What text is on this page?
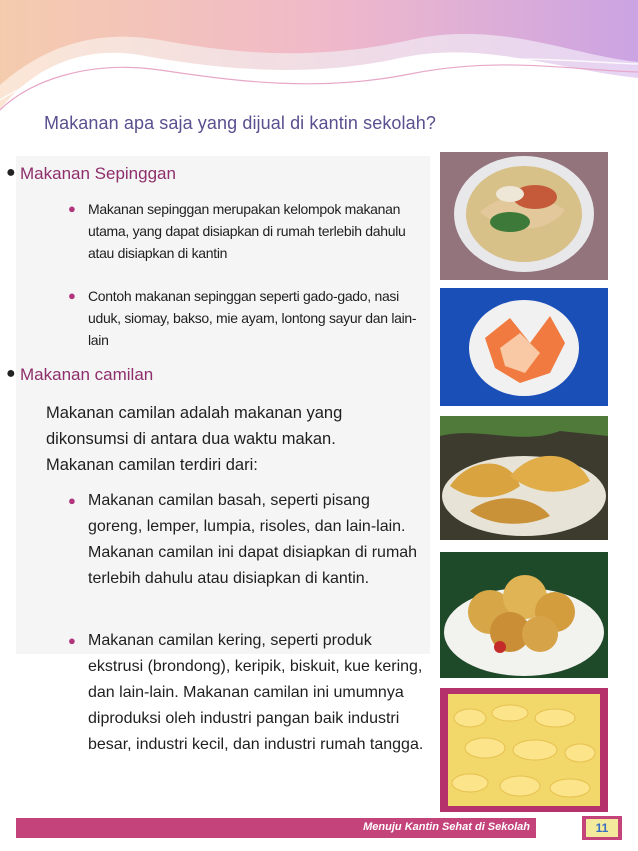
Makanan apa saja yang dijual di kantin sekolah?
● Makanan Sepinggan
● Makanan sepinggan merupakan kelompok makanan utama, yang dapat disiapkan di rumah terlebih dahulu atau disiapkan di kantin
● Contoh makanan sepinggan seperti gado-gado, nasi uduk, siomay, bakso, mie ayam, lontong sayur dan lain-lain
● Makanan camilan
Makanan camilan adalah makanan yang dikonsumsi di antara dua waktu makan. Makanan camilan terdiri dari:
● Makanan camilan basah, seperti pisang goreng, lemper, lumpia, risoles, dan lain-lain. Makanan camilan ini dapat disiapkan di rumah terlebih dahulu atau disiapkan di kantin.
● Makanan camilan kering, seperti produk ekstrusi (brondong), keripik, biskuit, kue kering, dan lain-lain. Makanan camilan ini umumnya diproduksi oleh industri pangan baik industri besar, industri kecil, dan industri rumah tangga.
Menuju Kantin Sehat di Sekolah	11
